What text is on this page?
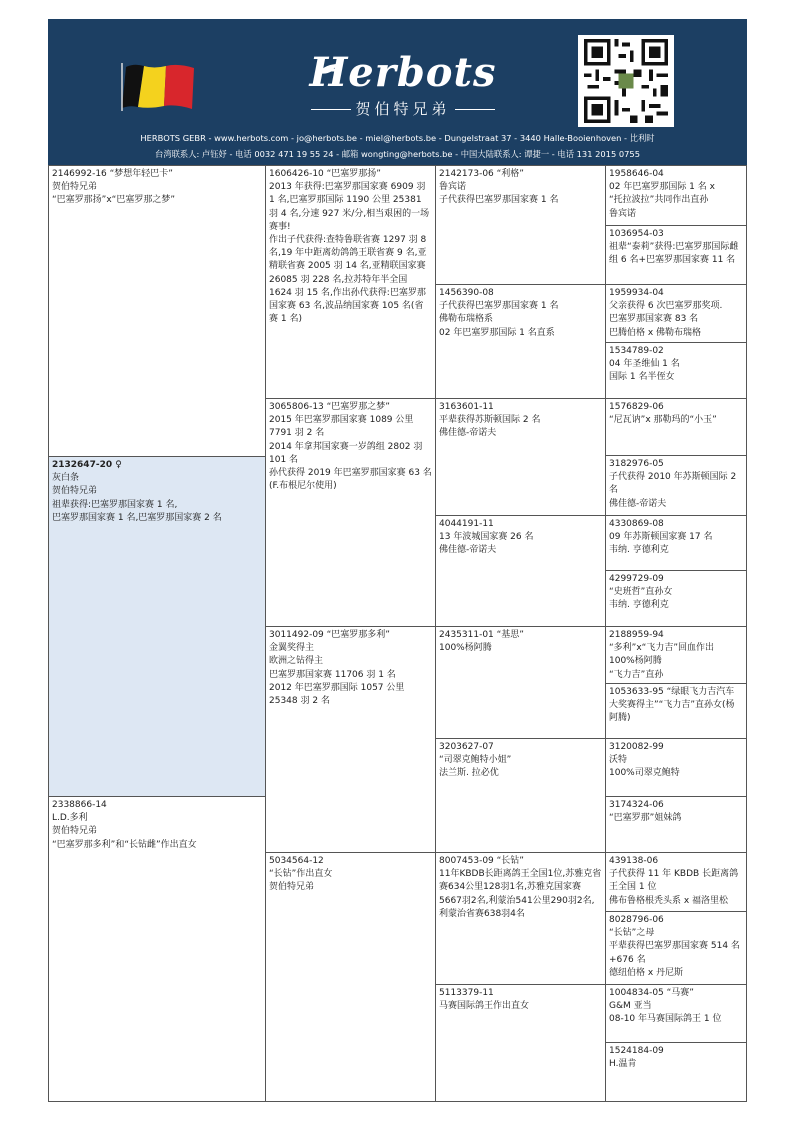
Herbots
贺伯特兄弟
HERBOTS GEBR - www.herbots.com - jo@herbots.be - miel@herbots.be - Dungelstraat 37 - 3440 Halle-Booienhoven - 比利时
台湾联系人: 卢钰妤 - 电话 0032 471 19 55 24 - 邮箱 wongting@herbots.be - 中国大陆联系人: 谭捷一 - 电话 131 2015 0755
2146992-16 “梦想年轻巴卡”
贺伯特兄弟
“巴塞罗那扬”x“巴塞罗那之梦”
2132647-20 ♀
灰白条
贺伯特兄弟
祖辈获得:巴塞罗那国家赛 1 名,
巴塞罗那国家赛 1 名,巴塞罗那国家赛 2 名
2338866-14
L.D.多利
贺伯特兄弟
“巴塞罗那多利”和“长钻雌”作出直女
1606426-10 “巴塞罗那扬”
2013 年获得:巴塞罗那国家赛 6909 羽 1 名,巴塞罗那国际 1190 公里 25381 羽 4 名,分速 927 米/分,相当艰困的一场赛事!
作出子代获得:查特鲁联省赛 1297 羽 8 名,19 年中距离幼鸽鸽王联省赛 9 名,亚精联省赛 2005 羽 14 名,亚精联国家赛 26085 羽 228 名,拉苏特年半全国 1624 羽 15 名,作出孙代获得:巴塞罗那国家赛 63 名,波品纳国家赛 105 名(省赛 1 名)
3065806-13 “巴塞罗那之梦”
2015 年巴塞罗那国家赛 1089 公里 7791 羽 2 名
2014 年拿邦国家赛一岁鸽组 2802 羽 101 名
孙代获得 2019 年巴塞罗那国家赛 63 名(F.布根尼尔使用)
3011492-09 “巴塞罗那多利”
金翼奖得主
欧洲之钻得主
巴塞罗那国家赛 11706 羽 1 名
2012 年巴塞罗那国际 1057 公里 25348 羽 2 名
5034564-12
“长钻”作出直女
贺伯特兄弟
2142173-06 “利格”
鲁宾诺
子代获得巴塞罗那国家赛 1 名
1456390-08
子代获得巴塞罗那国家赛 1 名
佛勒布瑞格系
02 年巴塞罗那国际 1 名直系
3163601-11
平辈获得苏斯顿国际 2 名
佛佳德-帝诺夫
4044191-11
13 年波城国家赛 26 名
佛佳德-帝诺夫
2435311-01 “基思”
100%杨阿腾
3203627-07
“司翠克鲍特小姐”
法兰斯. 拉必优
8007453-09 “长钻”
11年KBDB长距离鸽王全国1位,苏雅克省赛634公里128羽1名,苏雅克国家赛5667羽2名,利蒙治541公里290羽2名,利蒙治省赛638羽4名
5113379-11
马赛国际鸽王作出直女
1958646-04
02 年巴塞罗那国际 1 名 x
“托拉波拉”共同作出直孙
鲁宾诺
1036954-03
祖辈“泰莉”获得:巴塞罗那国际雌组 6 名+巴塞罗那国家赛 11 名
1959934-04
父亲获得 6 次巴塞罗那奖项.
巴塞罗那国家赛 83 名
巴腾伯格 x 佛勒布瑞格
1534789-02
04 年圣维仙 1 名
国际 1 名半侄女
1576829-06
“尼瓦讷”x 那勒玛的“小玉”
3182976-05
子代获得 2010 年苏斯顿国际 2 名
佛佳德-帝诺夫
4330869-08
09 年苏斯顿国家赛 17 名
韦纳. 亨德利克
4299729-09
“史班哲”直孙女
韦纳. 亨德利克
2188959-94
“多利”x“飞力吉”回血作出
100%杨阿腾
“飞力吉”直孙
1053633-95 “绿眼飞力吉汽车大奖赛得主”“飞力吉”直孙女(杨阿腾)
3120082-99
沃特
100%司翠克鲍特
3174324-06
“巴塞罗那”姐妹鸽
439138-06
子代获得 11 年 KBDB 长距离鸽王全国 1 位
佛布鲁格根秃头系 x 福洛里松
8028796-06
“长钻”之母
平辈获得巴塞罗那国家赛 514 名+676 名
德纽伯格 x 丹尼斯
1004834-05 “马赛”
G&M 亚当
08-10 年马赛国际鸽王 1 位
1524184-09
H.温肯
